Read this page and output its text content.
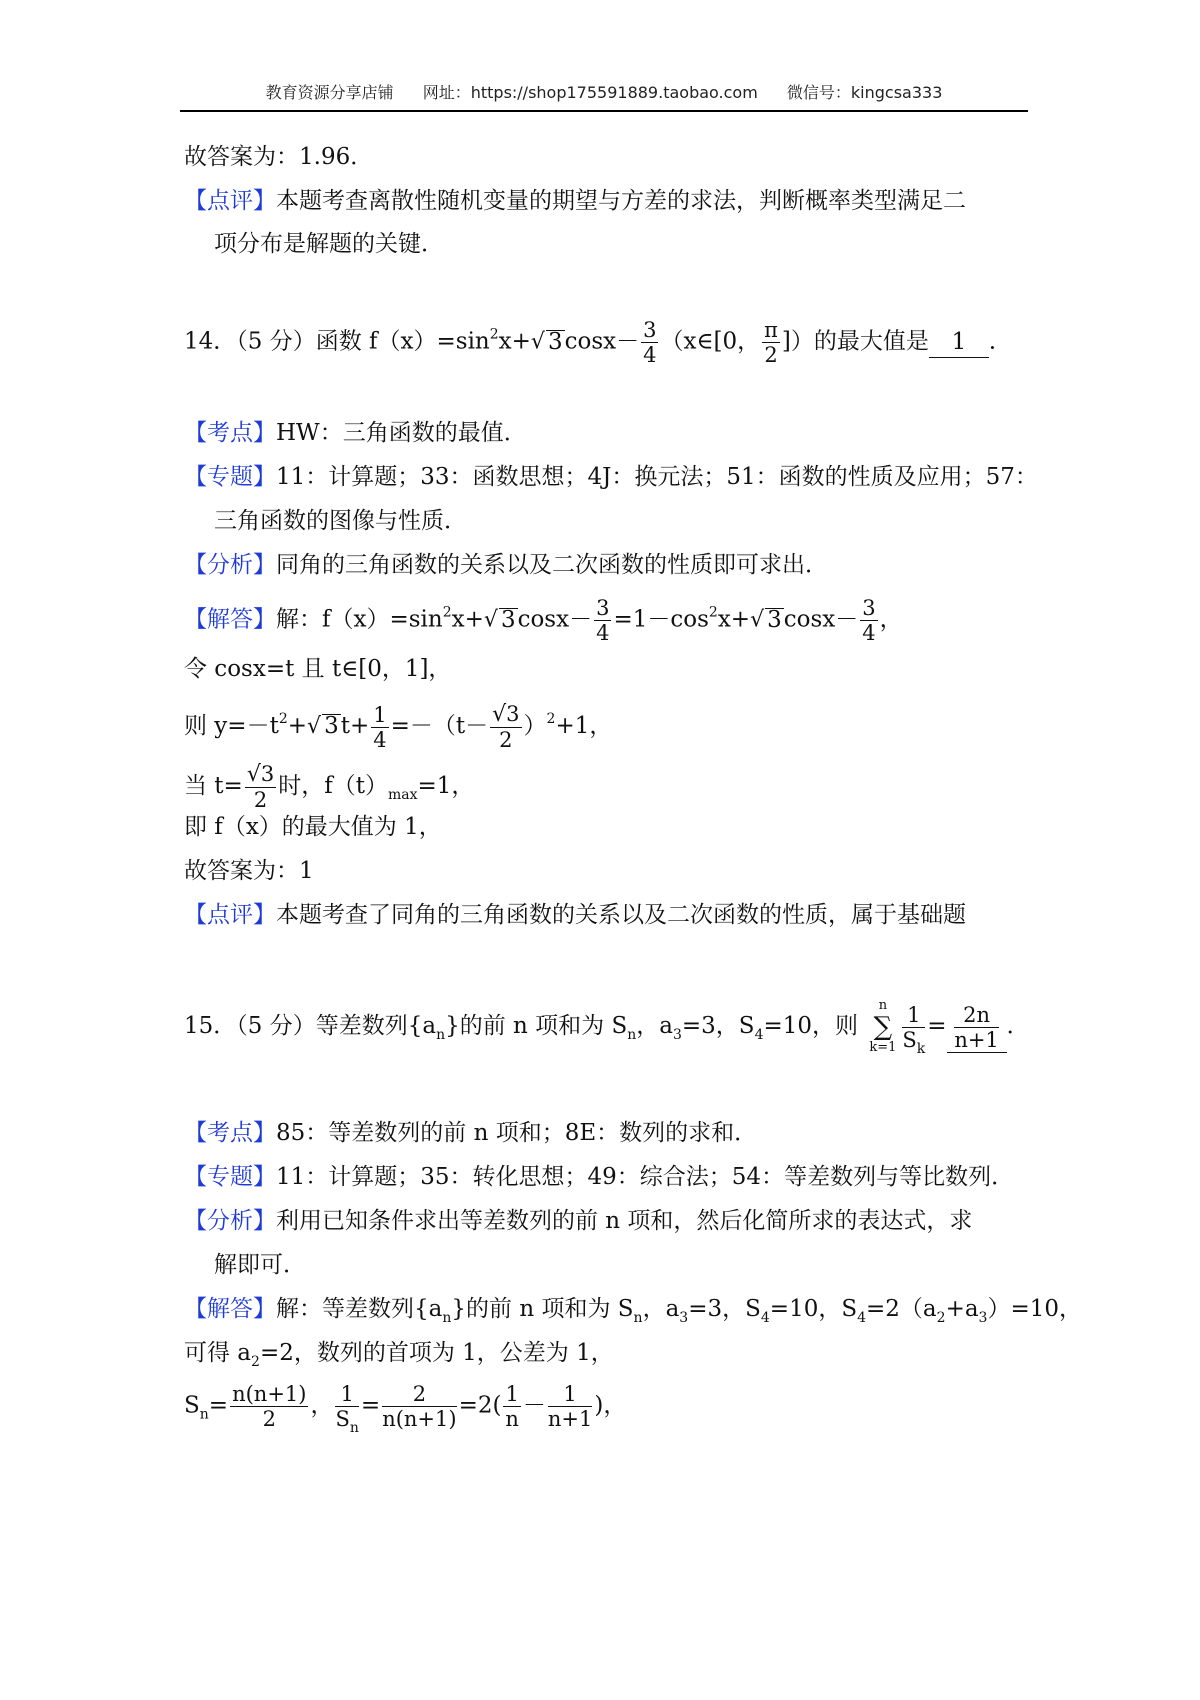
教育资源分享店铺 网址：https://shop175591889.taobao.com 微信号：kingcsa333
故答案为：1.96．
【点评】本题考查离散性随机变量的期望与方差的求法，判断概率类型满足二
项分布是解题的关键．
14．（5 分）函数 $f(x)=\sin^2x+√$ $3\cos x- \frac{3}{4}$ （x∈[0， $\frac{\pi}{2}$ ]）的最大值是 1 ．
【考点】HW：三角函数的最值．
【专题】11：计算题；33：函数思想；4J：换元法；51：函数的性质及应用；57：
三角函数的图像与性质．
【分析】同角的三角函数的关系以及二次函数的性质即可求出．
【解答】解：$f(x)=\sin^2x+√$ $3\cos x- \frac{3}{4} =1-\cos^2x+√$ $3\cos x- \frac{3}{4}$ ，
令 cosx=t 且 t∈[0，1]，
则 $y=-t^2+√$ $3t+ \frac{1}{4} =-(t- \frac{√3}{2} )^2+1$，
当 $t= \frac{√3}{2}$ 时，$f(t)_{max}=1$，
即 f（x）的最大值为 1，
故答案为：1
【点评】本题考查了同角的三角函数的关系以及二次函数的性质，属于基础题
15．（5 分）等差数列$\{a_n\}$的前 n 项和为 $S_n$，$a_3=3$，$S_4=10$，则
n
∑
$k=1 \frac{1}{S_k} = \frac{2n}{n+1}$ ．
【考点】85：等差数列的前 n 项和；8E：数列的求和．
【专题】11：计算题；35：转化思想；49：综合法；54：等差数列与等比数列．
【分析】利用已知条件求出等差数列的前 n 项和，然后化简所求的表达式，求
解即可．
【解答】解：等差数列$\{a_n\}$的前 n 项和为 $S_n$，$a_3=3$，$S_4=10$，$S_4=2(a_2+a_3)=10$，
可得 $a_2=2$，数列的首项为 1，公差为 1，
$S_n= \frac{n(n+1)}{2}$ ， $\frac{1}{S_n} = \frac{2}{n(n+1)} =2( \frac{1}{n} - \frac{1}{n+1}$ )，
